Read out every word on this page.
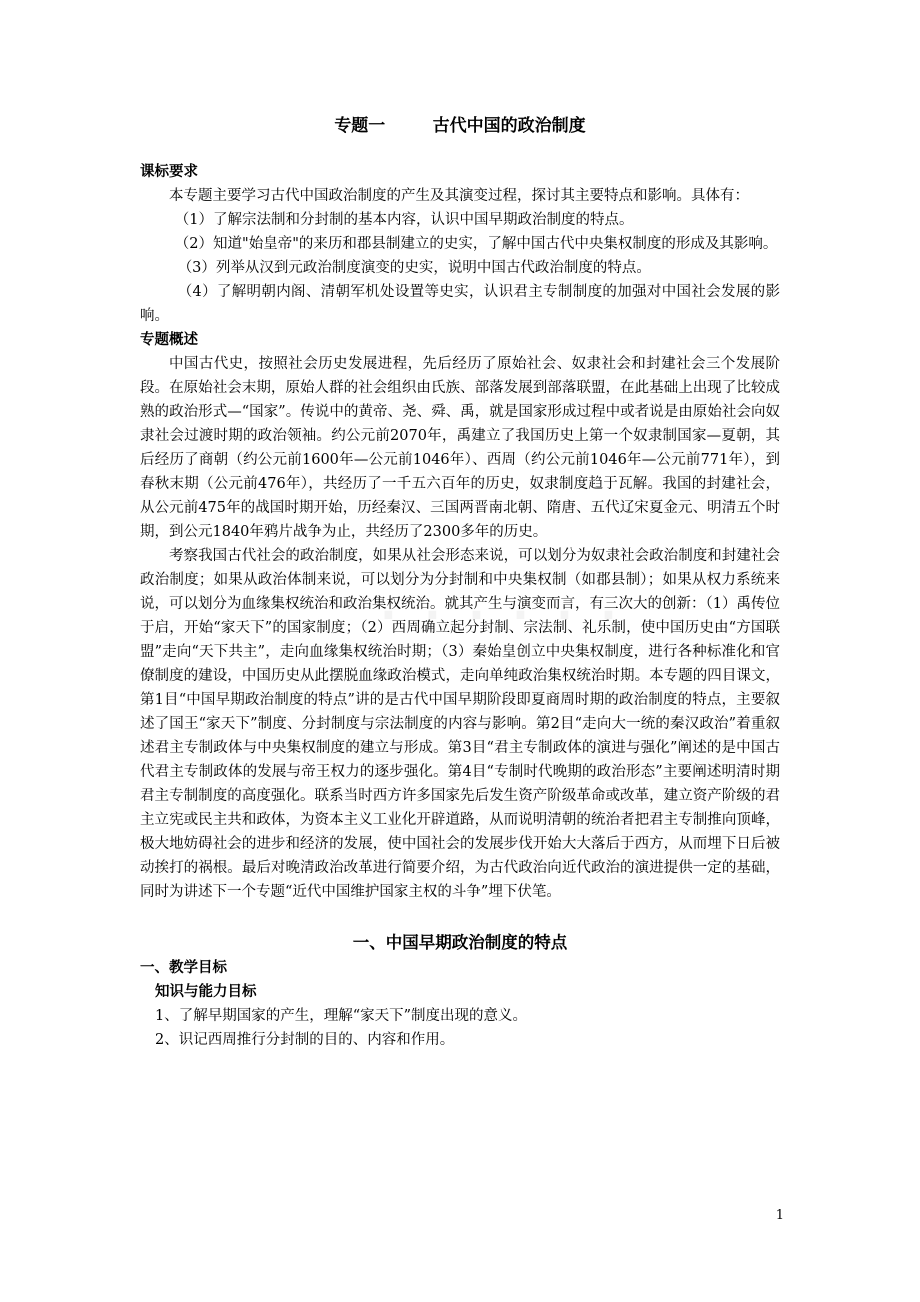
专题一        古代中国的政治制度

课标要求

本专题主要学习古代中国政治制度的产生及其演变过程，探讨其主要特点和影响。具体有：

（1）了解宗法制和分封制的基本内容，认识中国早期政治制度的特点。

（2）知道"始皇帝"的来历和郡县制建立的史实，了解中国古代中央集权制度的形成及其影响。

（3）列举从汉到元政治制度演变的史实，说明中国古代政治制度的特点。

（4）了解明朝内阁、清朝军机处设置等史实，认识君主专制制度的加强对中国社会发展的影响。

专题概述

中国古代史，按照社会历史发展进程，先后经历了原始社会、奴隶社会和封建社会三个发展阶段。在原始社会末期，原始人群的社会组织由氏族、部落发展到部落联盟，在此基础上出现了比较成熟的政治形式—“国家”。传说中的黄帝、尧、舜、禹，就是国家形成过程中或者说是由原始社会向奴隶社会过渡时期的政治领袖。约公元前2070年，禹建立了我国历史上第一个奴隶制国家—夏朝，其后经历了商朝（约公元前1600年—公元前1046年）、西周（约公元前1046年—公元前771年），到春秋末期（公元前476年），共经历了一千五六百年的历史，奴隶制度趋于瓦解。我国的封建社会，从公元前475年的战国时期开始，历经秦汉、三国两晋南北朝、隋唐、五代辽宋夏金元、明清五个时期，到公元1840年鸦片战争为止，共经历了2300多年的历史。

考察我国古代社会的政治制度，如果从社会形态来说，可以划分为奴隶社会政治制度和封建社会政治制度；如果从政治体制来说，可以划分为分封制和中央集权制（如郡县制）；如果从权力系统来说，可以划分为血缘集权统治和政治集权统治。就其产生与演变而言，有三次大的创新：（1）禹传位于启，开始“家天下”的国家制度；（2）西周确立起分封制、宗法制、礼乐制，使中国历史由“方国联盟”走向“天下共主”，走向血缘集权统治时期；（3）秦始皇创立中央集权制度，进行各种标准化和官僚制度的建设，中国历史从此摆脱血缘政治模式，走向单纯政治集权统治时期。本专题的四目课文，第1目“中国早期政治制度的特点”讲的是古代中国早期阶段即夏商周时期的政治制度的特点，主要叙述了国王“家天下”制度、分封制度与宗法制度的内容与影响。第2目“走向大一统的秦汉政治”着重叙述君主专制政体与中央集权制度的建立与形成。第3目“君主专制政体的演进与强化”阐述的是中国古代君主专制政体的发展与帝王权力的逐步强化。第4目“专制时代晚期的政治形态”主要阐述明清时期君主专制制度的高度强化。联系当时西方许多国家先后发生资产阶级革命或改革，建立资产阶级的君主立宪或民主共和政体，为资本主义工业化开辟道路，从而说明清朝的统治者把君主专制推向顶峰，极大地妨碍社会的进步和经济的发展，使中国社会的发展步伐开始大大落后于西方，从而埋下日后被动挨打的祸根。最后对晚清政治改革进行简要介绍，为古代政治向近代政治的演进提供一定的基础，同时为讲述下一个专题“近代中国维护国家主权的斗争”埋下伏笔。

一、中国早期政治制度的特点

一、教学目标

知识与能力目标

1、了解早期国家的产生，理解“家天下”制度出现的意义。

2、识记西周推行分封制的目的、内容和作用。

1
